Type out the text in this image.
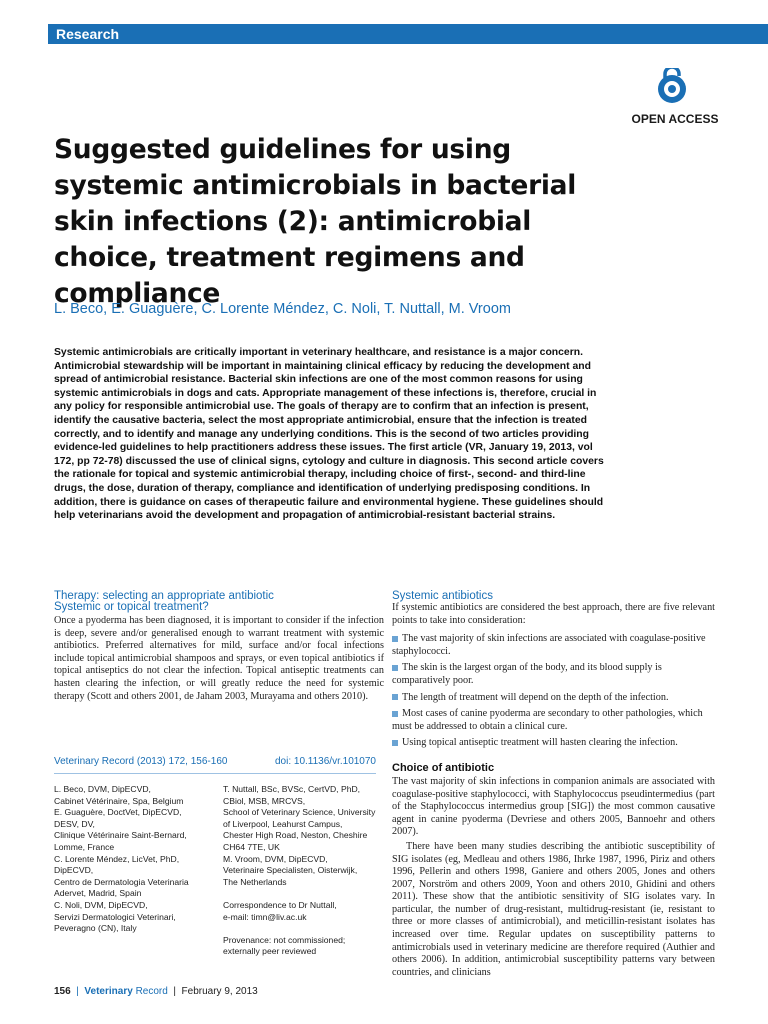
Research
OPEN ACCESS
Suggested guidelines for using systemic antimicrobials in bacterial skin infections (2): antimicrobial choice, treatment regimens and compliance
L. Beco, E. Guaguère, C. Lorente Méndez, C. Noli, T. Nuttall, M. Vroom
Systemic antimicrobials are critically important in veterinary healthcare, and resistance is a major concern. Antimicrobial stewardship will be important in maintaining clinical efficacy by reducing the development and spread of antimicrobial resistance. Bacterial skin infections are one of the most common reasons for using systemic antimicrobials in dogs and cats. Appropriate management of these infections is, therefore, crucial in any policy for responsible antimicrobial use. The goals of therapy are to confirm that an infection is present, identify the causative bacteria, select the most appropriate antimicrobial, ensure that the infection is treated correctly, and to identify and manage any underlying conditions. This is the second of two articles providing evidence-led guidelines to help practitioners address these issues. The first article (VR, January 19, 2013, vol 172, pp 72-78) discussed the use of clinical signs, cytology and culture in diagnosis. This second article covers the rationale for topical and systemic antimicrobial therapy, including choice of first-, second- and third-line drugs, the dose, duration of therapy, compliance and identification of underlying predisposing conditions. In addition, there is guidance on cases of therapeutic failure and environmental hygiene. These guidelines should help veterinarians avoid the development and propagation of antimicrobial-resistant bacterial strains.
Therapy: selecting an appropriate antibiotic
Systemic or topical treatment?

Once a pyoderma has been diagnosed, it is important to consider if the infection is deep, severe and/or generalised enough to warrant treatment with systemic antibiotics. Preferred alternatives for mild, surface and/or focal infections include topical antimicrobial shampoos and sprays, or even topical antibiotics if topical antiseptics do not clear the infection. Topical antiseptic treatments can hasten clearing the infection, or will greatly reduce the need for systemic therapy (Scott and others 2001, de Jaham 2003, Murayama and others 2010).

Systemic antibiotics

If systemic antibiotics are considered the best approach, there are five relevant points to take into consideration:

The vast majority of skin infections are associated with coagulase-positive staphylococci.
The skin is the largest organ of the body, and its blood supply is comparatively poor.
The length of treatment will depend on the depth of the infection.
Most cases of canine pyoderma are secondary to other pathologies, which must be addressed to obtain a clinical cure.
Using topical antiseptic treatment will hasten clearing the infection.
Choice of antibiotic

The vast majority of skin infections in companion animals are associated with coagulase-positive staphylococci, with Staphylococcus pseudintermedius (part of the Staphylococcus intermedius group [SIG]) the most common causative agent in canine pyoderma (Devriese and others 2005, Bannoehr and others 2007).

There have been many studies describing the antibiotic susceptibility of SIG isolates (eg, Medleau and others 1986, Ihrke 1987, 1996, Piriz and others 1996, Pellerin and others 1998, Ganiere and others 2005, Jones and others 2007, Norström and others 2009, Yoon and others 2010, Ghidini and others 2011). These show that the antibiotic sensitivity of SIG isolates vary. In particular, the number of drug-resistant, multidrug-resistant (ie, resistant to three or more classes of antimicrobial), and meticillin-resistant isolates has increased over time. Regular updates on susceptibility patterns to antimicrobials used in veterinary medicine are therefore required (Authier and others 2006). In addition, antimicrobial susceptibility patterns vary between countries, and clinicians

Veterinary Record (2013) 172, 156-160	doi: 10.1136/vr.101070

L. Beco, DVM, DipECVD,

Cabinet Vétérinaire, Spa, Belgium

E. Guaguère, DoctVet, DipECVD,

DESV, DV,

Clinique Vétérinaire Saint-Bernard,

Lomme, France

C. Lorente Méndez, LicVet, PhD,

DipECVD,

Centro de Dermatologia Veterinaria

Adervet, Madrid, Spain

C. Noli, DVM, DipECVD,

Servizi Dermatologici Veterinari,

Peveragno (CN), Italy

T. Nuttall, BSc, BVSc, CertVD, PhD,

CBiol, MSB, MRCVS,

School of Veterinary Science, University

of Liverpool, Leahurst Campus,

Chester High Road, Neston, Cheshire

CH64 7TE, UK

M. Vroom, DVM, DipECVD,

Veterinaire Specialisten, Oisterwijk,

The Netherlands

Correspondence to Dr Nuttall,

e-mail: timn@liv.ac.uk

Provenance: not commissioned;

externally peer reviewed

156  |  Veterinary Record  |  February 9, 2013
